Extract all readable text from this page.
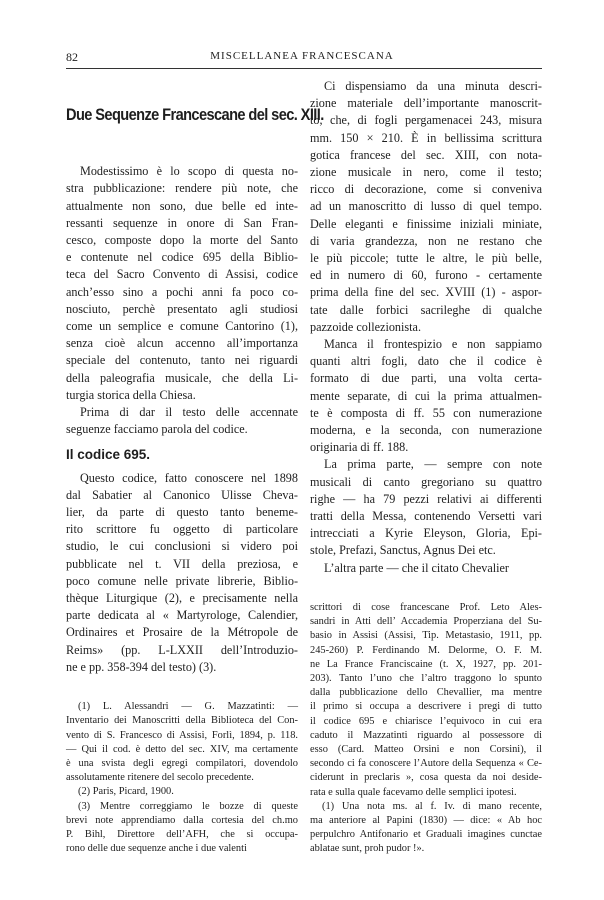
82	MISCELLANEA FRANCESCANA
Due Sequenze Francescane del sec. XIII.
Modestissimo è lo scopo di questa no-
stra pubblicazione: rendere più note, che
attualmente non sono, due belle ed inte-
ressanti sequenze in onore di San Fran-
cesco, composte dopo la morte del Santo
e contenute nel codice 695 della Biblio-
teca del Sacro Convento di Assisi, codice
anch’esso sino a pochi anni fa poco co-
nosciuto, perchè presentato agli studiosi
come un semplice e comune Cantorino (1),
senza cioè alcun accenno all’importanza
speciale del contenuto, tanto nei riguardi
della paleografia musicale, che della Li-
turgia storica della Chiesa.
Prima di dar il testo delle accennate
seguenze facciamo parola del codice.
Il codice 695.
Questo codice, fatto conoscere nel 1898
dal Sabatier al Canonico Ulisse Cheva-
lier, da parte di questo tanto beneme-
rito scrittore fu oggetto di particolare
studio, le cui conclusioni si videro poi
pubblicate nel t. VII della preziosa, e
poco comune nelle private librerie, Biblio-
thèque Liturgique (2), e precisamente nella
parte dedicata al « Martyrologe, Calendier,
Ordinaires et Prosaire de la Métropole de
Reims» (pp. L-LXXII dell’Introduzio-
ne e pp. 358-394 del testo) (3).
(1) L. Alessandri — G. Mazzatinti: —
Inventario dei Manoscritti della Biblioteca del Con-
vento di S. Francesco di Assisi, Forlì, 1894, p. 118.
— Qui il cod. è detto del sec. XIV, ma certamente
è una svista degli egregi compilatori, dovendolo
assolutamente ritenere del secolo precedente.
(2) Paris, Picard, 1900.
(3) Mentre correggiamo le bozze di queste
brevi note apprendiamo dalla cortesia del ch.mo
P. Bihl, Direttore dell’AFH, che si occupa-
rono delle due sequenze anche i due valenti
Ci dispensiamo da una minuta descri-
zione materiale dell’importante manoscrit-
to, che, di fogli pergamenacei 243, misura
mm. 150 × 210. È in bellissima scrittura
gotica francese del sec. XIII, con nota-
zione musicale in nero, come il testo;
ricco di decorazione, come si conveniva
ad un manoscritto di lusso di quel tempo.
Delle eleganti e finissime iniziali miniate,
di varia grandezza, non ne restano che
le più piccole; tutte le altre, le più belle,
ed in numero di 60, furono - certamente
prima della fine del sec. XVIII (1) - aspor-
tate dalle forbici sacrileghe di qualche
pazzoide collezionista.
Manca il frontespizio e non sappiamo
quanti altri fogli, dato che il codice è
formato di due parti, una volta certa-
mente separate, di cui la prima attualmen-
te è composta di ff. 55 con numerazione
moderna, e la seconda, con numerazione
originaria di ff. 188.
La prima parte, — sempre con note
musicali di canto gregoriano su quattro
righe — ha 79 pezzi relativi ai differenti
tratti della Messa, contenendo Versetti vari
intrecciati a Kyrie Eleyson, Gloria, Epi-
stole, Prefazi, Sanctus, Agnus Dei etc.
L’altra parte — che il citato Chevalier
scrittori di cose francescane Prof. Leto Ales-
sandri in Atti dell’ Accademia Properziana del Su-
basio in Assisi (Assisi, Tip. Metastasio, 1911, pp.
245-260) P. Ferdinando M. Delorme, O. F. M.
ne La France Franciscaine (t. X, 1927, pp. 201-
203). Tanto l’uno che l’altro traggono lo spunto
dalla pubblicazione dello Chevallier, ma mentre
il primo si occupa a descrivere i pregi di tutto
il codice 695 e chiarisce l’equivoco in cui era
caduto il Mazzatinti riguardo al possessore di
esso (Card. Matteo Orsini e non Corsini), il
secondo ci fa conoscere l’Autore della Sequenza « Ce-
ciderunt in preclaris », cosa questa da noi deside-
rata e sulla quale facevamo delle semplici ipotesi.
(1) Una nota ms. al f. Iv. di mano recente,
ma anteriore al Papini (1830) — dice: « Ab hoc
perpulchro Antifonario et Graduali imagines cunctae
ablatae sunt, proh pudor !».
